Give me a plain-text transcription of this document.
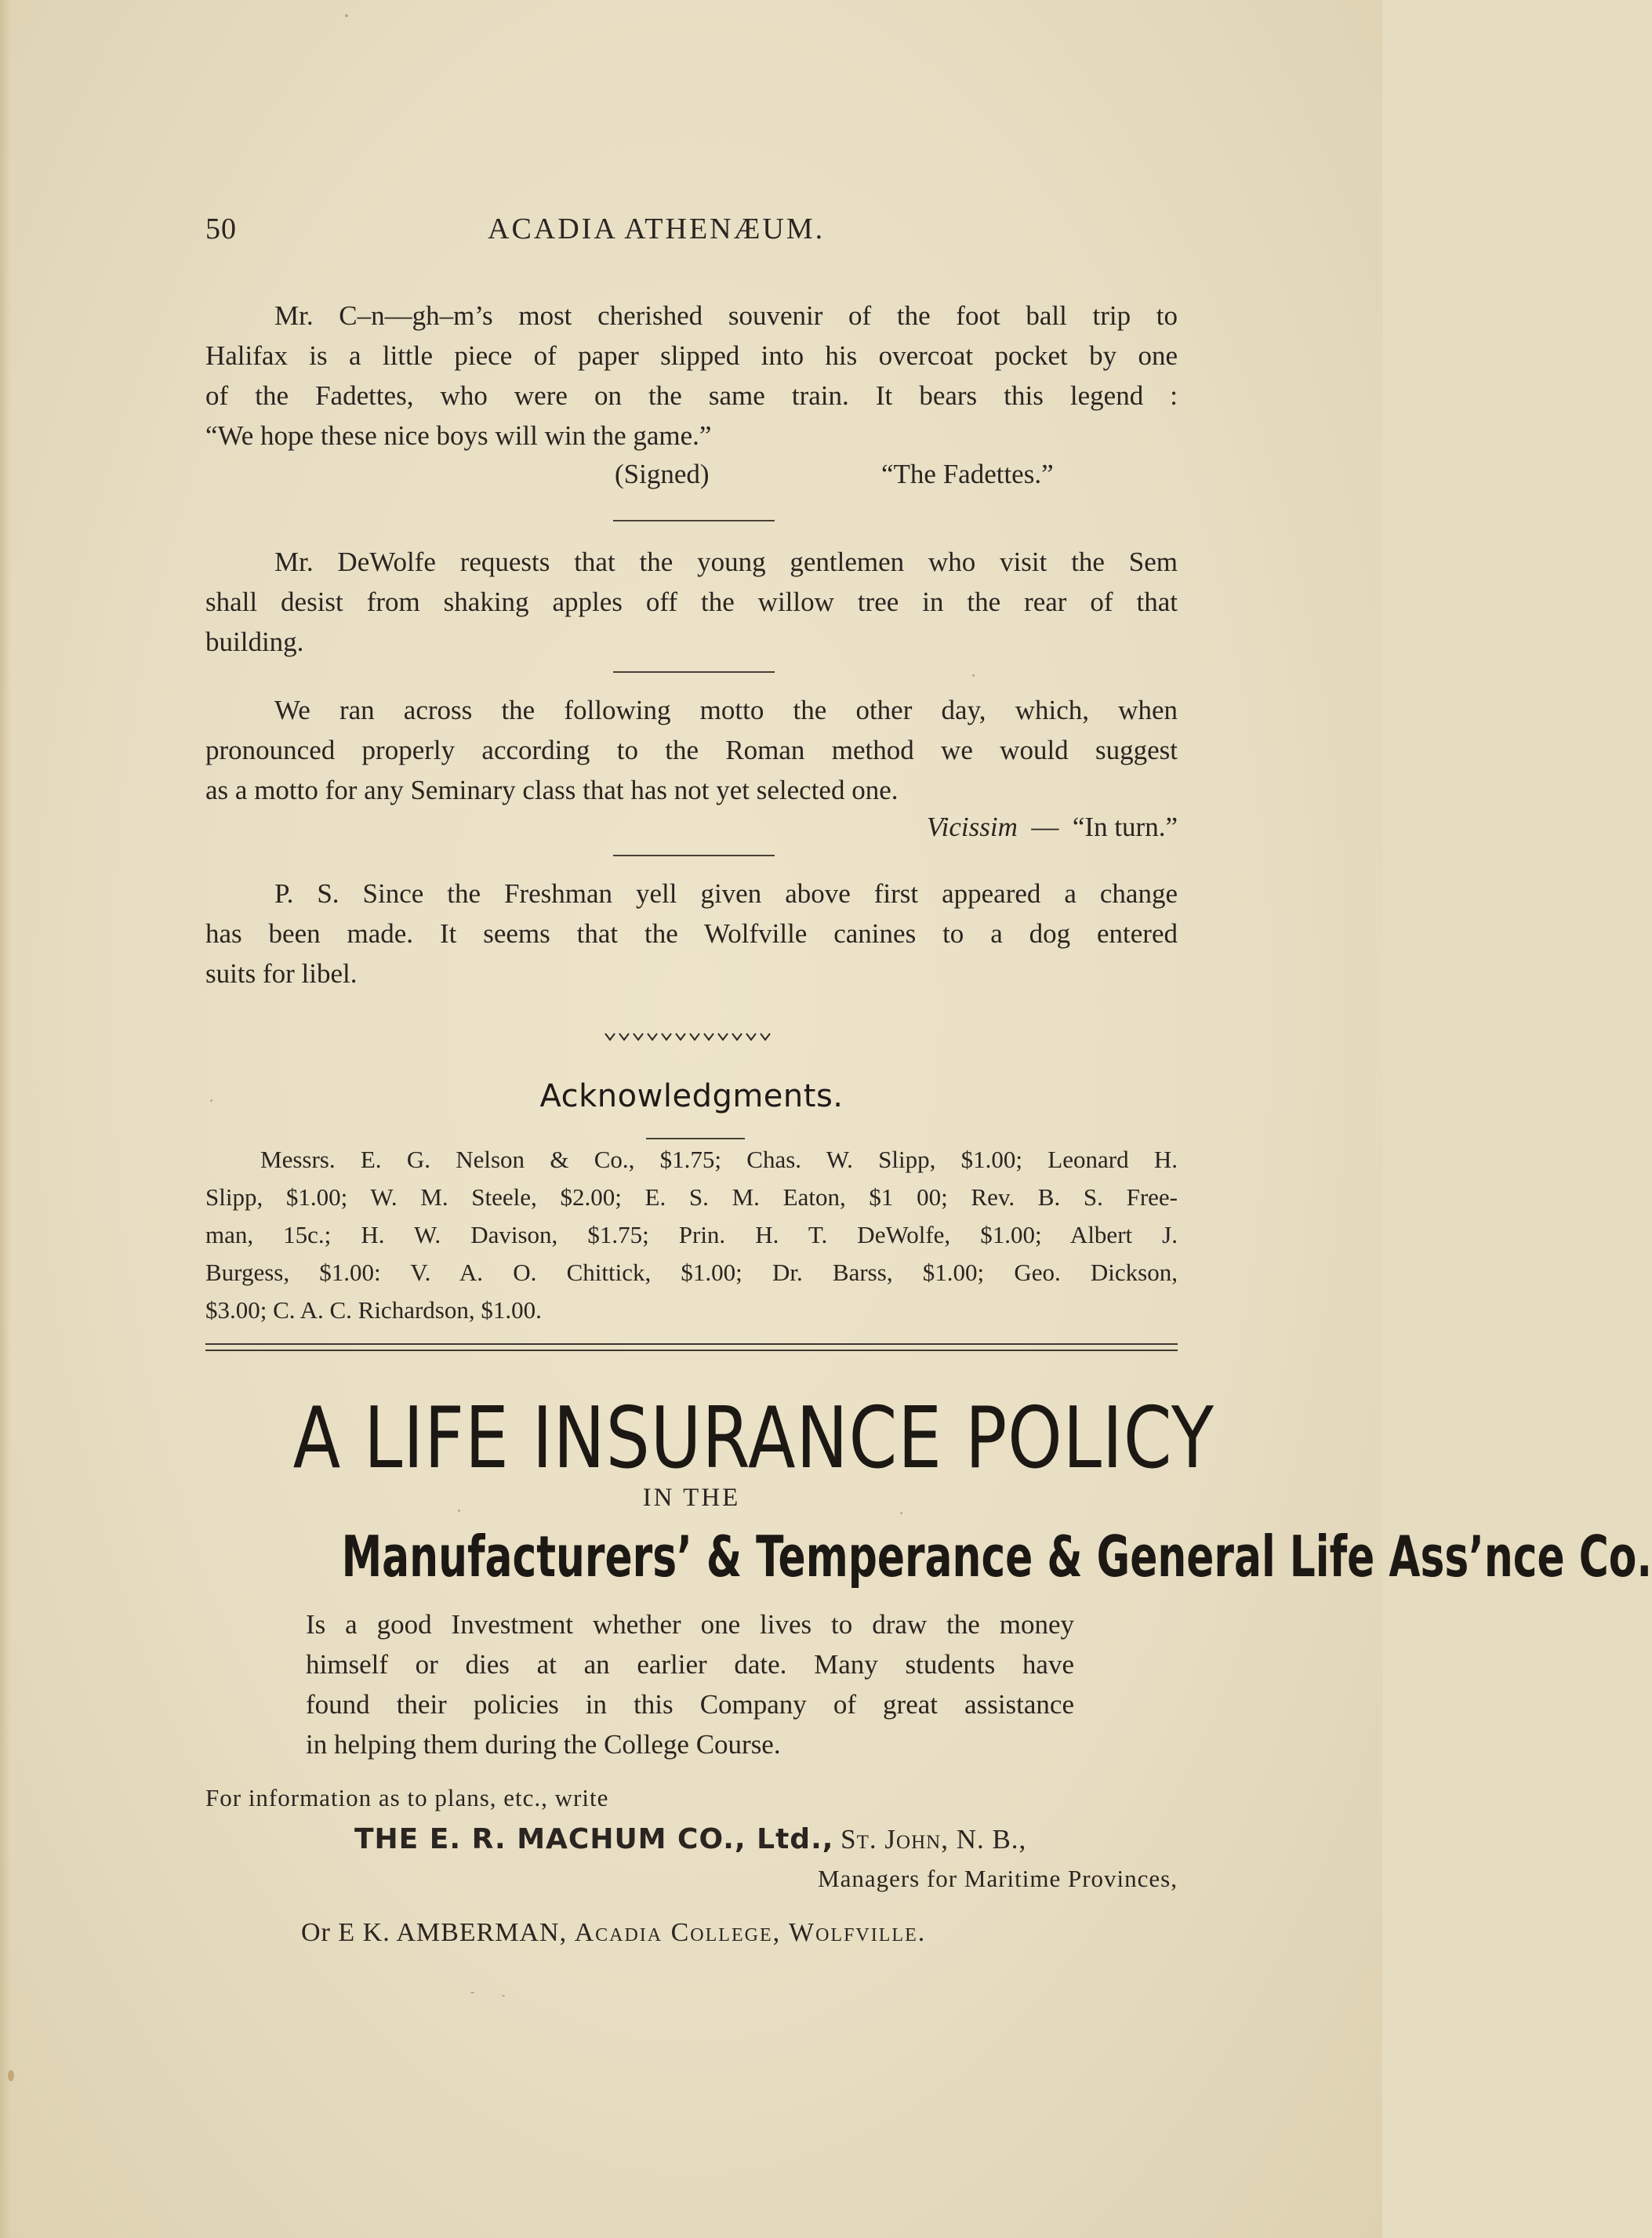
50	ACADIA ATHENÆUM.

Mr. C–n—gh–m’s most cherished souvenir of the foot ball trip to
Halifax is a little piece of paper slipped into his overcoat pocket by one
of the Fadettes, who were on the same train. It bears this legend :
“We hope these nice boys will win the game.”

(Signed)	“The Fadettes.”

Mr. DeWolfe requests that the young gentlemen who visit the Sem
shall desist from shaking apples off the willow tree in the rear of that
building.

We ran across the following motto the other day, which, when
pronounced properly according to the Roman method we would suggest
as a motto for any Seminary class that has not yet selected one.

Vicissim — “In turn.”

P. S. Since the Freshman yell given above first appeared a change
has been made. It seems that the Wolfville canines to a dog entered
suits for libel.

Acknowledgments.

Messrs. E. G. Nelson & Co., $1.75; Chas. W. Slipp, $1.00; Leonard H.
Slipp, $1.00; W. M. Steele, $2.00; E. S. M. Eaton, $1 00; Rev. B. S. Free-
man, 15c.; H. W. Davison, $1.75; Prin. H. T. DeWolfe, $1.00; Albert J.
Burgess, $1.00: V. A. O. Chittick, $1.00; Dr. Barss, $1.00; Geo. Dickson,
$3.00; C. A. C. Richardson, $1.00.

A LIFE INSURANCE POLICY
IN THE
Manufacturers’ & Temperance & General Life Ass’nce Co.

Is a good Investment whether one lives to draw the money
himself or dies at an earlier date. Many students have
found their policies in this Company of great assistance
in helping them during the College Course.

For information as to plans, etc., write
THE E. R. MACHUM CO., Ltd., St. John, N. B.,
Managers for Maritime Provinces,
Or E K. AMBERMAN, Acadia College, Wolfville.
